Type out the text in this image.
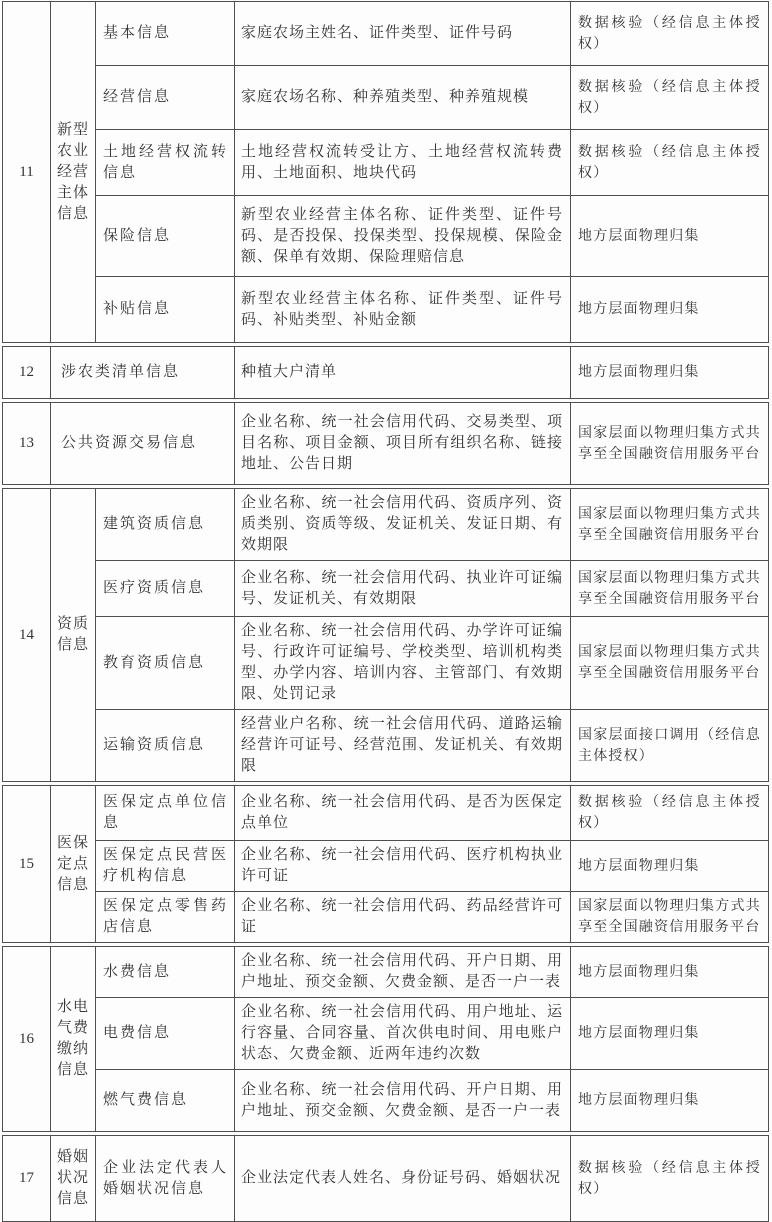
11	新型农业经营主体信息	基本信息	家庭农场主姓名、证件类型、证件号码	数据核验（经信息主体授权）
		经营信息	家庭农场名称、种养殖类型、种养殖规模	数据核验（经信息主体授权）
		土地经营权流转信息	土地经营权流转受让方、土地经营权流转费用、土地面积、地块代码	数据核验（经信息主体授权）
		保险信息	新型农业经营主体名称、证件类型、证件号码、是否投保、投保类型、投保规模、保险金额、保单有效期、保险理赔信息	地方层面物理归集
		补贴信息	新型农业经营主体名称、证件类型、证件号码、补贴类型、补贴金额	地方层面物理归集
12	涉农类清单信息	种植大户清单	地方层面物理归集
13	公共资源交易信息	企业名称、统一社会信用代码、交易类型、项目名称、项目金额、项目所有组织名称、链接地址、公告日期	国家层面以物理归集方式共享至全国融资信用服务平台
14	资质信息	建筑资质信息	企业名称、统一社会信用代码、资质序列、资质类别、资质等级、发证机关、发证日期、有效期限	国家层面以物理归集方式共享至全国融资信用服务平台
		医疗资质信息	企业名称、统一社会信用代码、执业许可证编号、发证机关、有效期限	国家层面以物理归集方式共享至全国融资信用服务平台
		教育资质信息	企业名称、统一社会信用代码、办学许可证编号、行政许可证编号、学校类型、培训机构类型、办学内容、培训内容、主管部门、有效期限、处罚记录	国家层面以物理归集方式共享至全国融资信用服务平台
		运输资质信息	经营业户名称、统一社会信用代码、道路运输经营许可证号、经营范围、发证机关、有效期限	国家层面接口调用（经信息主体授权）
15	医保定点信息	医保定点单位信息	企业名称、统一社会信用代码、是否为医保定点单位	数据核验（经信息主体授权）
		医保定点民营医疗机构信息	企业名称、统一社会信用代码、医疗机构执业许可证	地方层面物理归集
		医保定点零售药店信息	企业名称、统一社会信用代码、药品经营许可证	国家层面以物理归集方式共享至全国融资信用服务平台
16	水电气费缴纳信息	水费信息	企业名称、统一社会信用代码、开户日期、用户地址、预交金额、欠费金额、是否一户一表	地方层面物理归集
		电费信息	企业名称、统一社会信用代码、用户地址、运行容量、合同容量、首次供电时间、用电账户状态、欠费金额、近两年违约次数	地方层面物理归集
		燃气费信息	企业名称、统一社会信用代码、开户日期、用户地址、预交金额、欠费金额、是否一户一表	地方层面物理归集
17	婚姻状况信息	企业法定代表人婚姻状况信息	企业法定代表人姓名、身份证号码、婚姻状况	数据核验（经信息主体授权）
